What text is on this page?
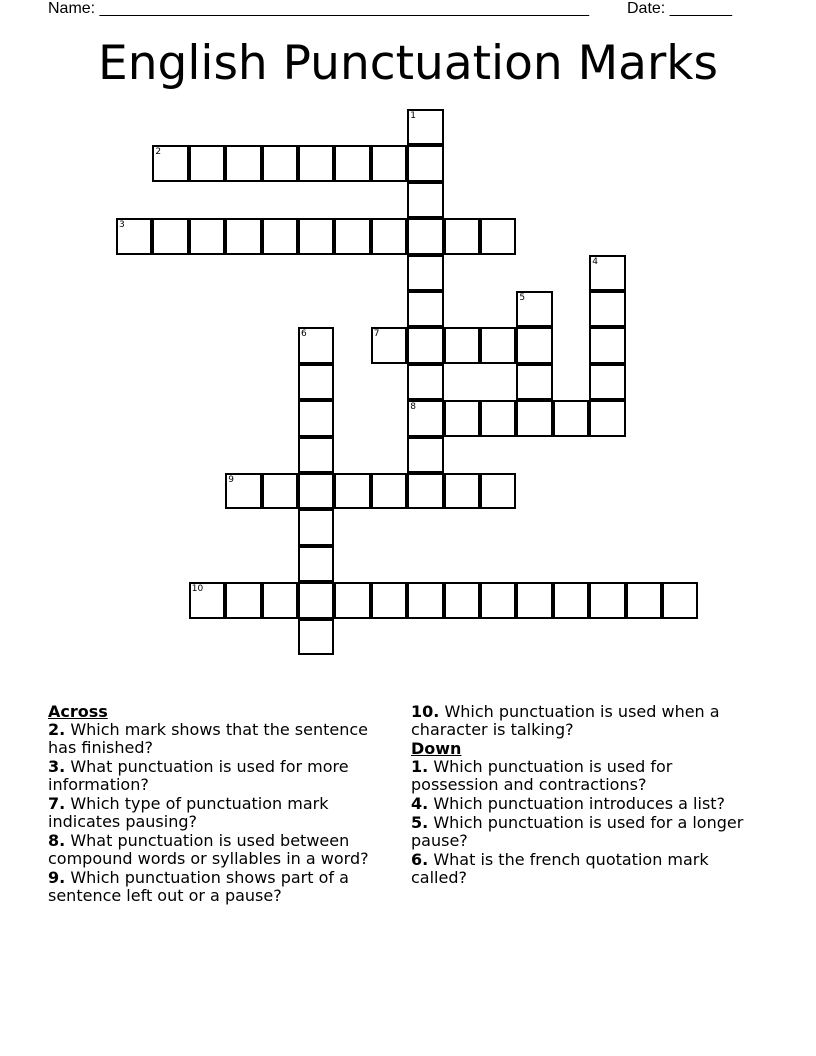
Name: _______________________________________________________ Date: _______
English Punctuation Marks
1
8
2
3
4
5
6	7
9
10
Across
2. Which mark shows that the sentence has finished?
3. What punctuation is used for more information?
7. Which type of punctuation mark indicates pausing?
8. What punctuation is used between compound words or syllables in a word?
9. Which punctuation shows part of a sentence left out or a pause?
10. Which punctuation is used when a character is talking?
Down
1. Which punctuation is used for possession and contractions?
4. Which punctuation introduces a list?
5. Which punctuation is used for a longer pause?
6. What is the french quotation mark called?
